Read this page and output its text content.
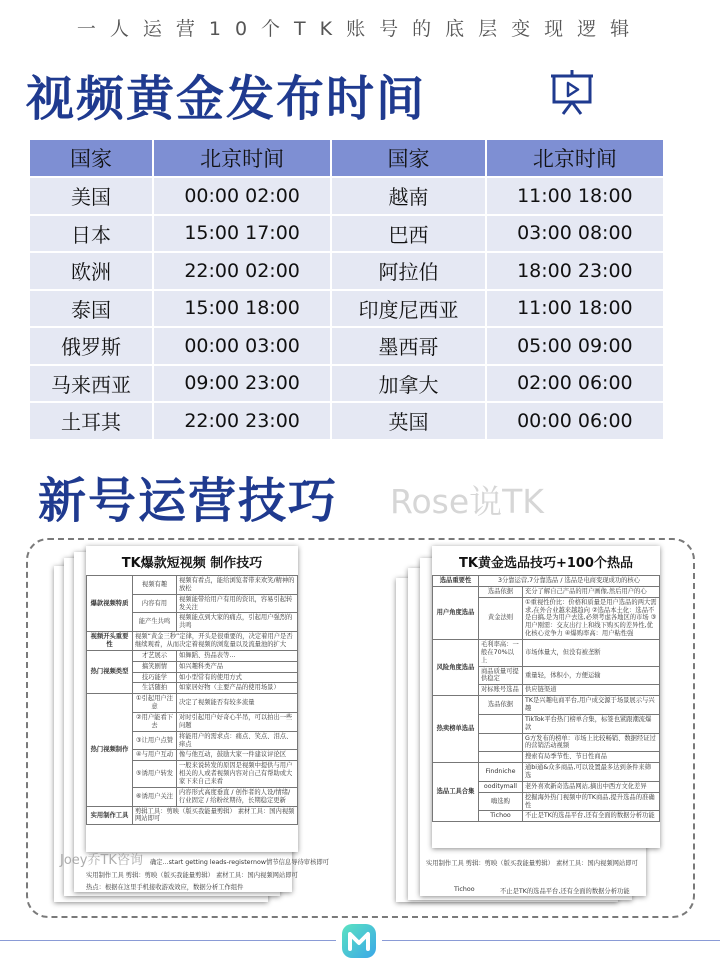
一人运营10个TK账号的底层变现逻辑
视频黄金发布时间
国家	北京时间	国家	北京时间
美国	00:00 02:00	越南	11:00 18:00
日本	15:00 17:00	巴西	03:00 08:00
欧洲	22:00 02:00	阿拉伯	18:00 23:00
泰国	15:00 18:00	印度尼西亚	11:00 18:00
俄罗斯	00:00 03:00	墨西哥	05:00 09:00
马来西亚	09:00 23:00	加拿大	02:00 06:00
土耳其	22:00 23:00	英国	00:00 06:00
新号运营技巧 Rose说TK
确定...start getting leads-registernow情节信息导待审核即可
实用制作工具 剪辑：剪映（版买我能量剪辑） 素材工具：国内视频网站即可
热点：根据在这里手机接收游戏效应，数据分析工作组件
TK爆款短视频 制作技巧
爆款视频特质	视频有趣	视频有看点，能给浏览者带来欢笑/精神的放松
	内容有用	视频能带给用户有用的资讯，容易引起转发关注
	能产生共鸣	视频能点到大家的痛点，引起用户强烈的共鸣
视频开头重要性	视频“黄金三秒”定律，开头是很重要的，决定着用户是否继续观看，从而决定着视频的浏览量以及流量池的扩大	
热门视频类型	才艺展示	如舞蹈、热品表等...
	搞笑剧情	如兴趣科类产品
	技巧能学	如小型常有的使用方式
	生活随拍	如家居好物（主要产品的使用场景）
热门视频制作	①引起用户注意	决定了视频能否有较多流量
	②用户能看下去	对时引起用户好奇心半吊，可以拍出一些问题
	③让用户点赞	将能用户的需求点：痛点、笑点、泪点、痒点
	④与用户互动	像与他互动，鼓励大家一件建议评论区
	⑤诱用户转发	一般来说转发的原因是视频中提供与用户相关的人或者视频内容对自己有帮助或大家下来自己来看
	⑥诱用户关注	内容形式高度垂直 / 创作者的人设/情绪/行业固定 / 给粉丝期待，长期稳定更新
实用制作工具	剪辑工具：剪映（版买我能量剪辑） 素材工具：国内视频网站即可	
Joey乔TK咨询	实用制作工具 剪辑：剪映（版买我能量剪辑） 素材工具：国内视频网站即可
Tichoo	不止是TK的选品平台,还有全面的数据分析功能
TK黄金选品技巧+100个热品
选品重要性	3分靠运营,7分靠选品 / 选品是电商变现成功的核心	
用户角度选品	选品依据	充分了解自己产品的用户画像,然后用户的心
	黄金法则	①重视性价比：价格和质量是用户选品的两大需求,在外合业越来越趋向 ②选品本土化：选品不是白搞,是为用户去选,必须考虑各地区的市场 ③用户刚需：交友出行上和线下购买的差异性,优化核心竞争力 ④爆购率高：用户粘性强
风险角度选品	毛利率高：一般在70%以上	市场体量大，但没有被垄断
	商品质量可提供稳定	重量轻，体积小，方便运输
	对标账号选品	供应链渠道
热卖榜单选品	选品依据	TK是兴趣电商平台,用户成交源于场景展示与兴趣
		TikTok平台热门榜单合集，标签也紧跟潮流爆款
		G方发布的榜单：市场上比较畅销、数据经证过的营销活动视频
		搜索有局季节性、节日性商品
选品工具合集	Findniche	通bi通&众多商品,可以设置最多达到条件来筛选
	ooditymall	老外喜欢新奇选品网站,摘出中西方文化差异
	嗨选购	挖掘海外热门视频中的TK商品,提升选品的准确性
	Tichoo	不止是TK的选品平台,还有全面的数据分析功能
